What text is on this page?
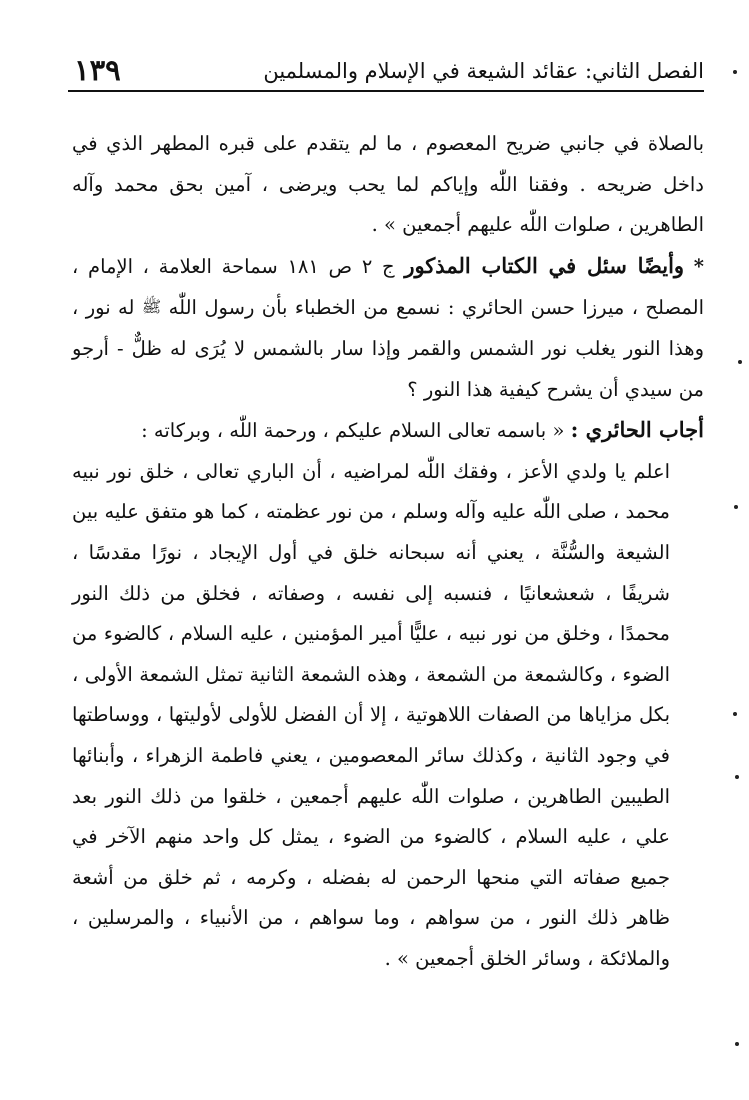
١٣٩	الفصل الثاني: عقائد الشيعة في الإسلام والمسلمين

بالصلاة في جانبي ضريح المعصوم ، ما لم يتقدم على قبره المطهر الذي في داخل ضريحه . وفقنا اللّٰه وإياكم لما يحب ويرضى ، آمين بحق محمد وآله الطاهرين ، صلوات اللّٰه عليهم أجمعين » .

* وأيضًا سئل في الكتاب المذكور ج ٢ ص ١٨١ سماحة العلامة ، الإمام ، المصلح ، ميرزا حسن الحائري : نسمع من الخطباء بأن رسول اللّٰه ﷺ له نور ، وهذا النور يغلب نور الشمس والقمر وإذا سار بالشمس لا يُرَى له ظلٌّ - أرجو من سيدي أن يشرح كيفية هذا النور ؟

أجاب الحائري : « باسمه تعالى السلام عليكم ، ورحمة اللّٰه ، وبركاته :

اعلم يا ولدي الأعز ، وفقك اللّٰه لمراضيه ، أن الباري تعالى ، خلق نور نبيه محمد ، صلى اللّٰه عليه وآله وسلم ، من نور عظمته ، كما هو متفق عليه بين الشيعة والسُّنَّة ، يعني أنه سبحانه خلق في أول الإيجاد ، نورًا مقدسًا ، شريفًا ، شعشعانيًا ، فنسبه إلى نفسه ، وصفاته ، فخلق من ذلك النور محمدًا ، وخلق من نور نبيه ، عليًّا أمير المؤمنين ، عليه السلام ، كالضوء من الضوء ، وكالشمعة من الشمعة ، وهذه الشمعة الثانية تمثل الشمعة الأولى ، بكل مزاياها من الصفات اللاهوتية ، إلا أن الفضل للأولى لأوليتها ، ووساطتها في وجود الثانية ، وكذلك سائر المعصومين ، يعني فاطمة الزهراء ، وأبنائها الطيبين الطاهرين ، صلوات اللّٰه عليهم أجمعين ، خلقوا من ذلك النور بعد علي ، عليه السلام ، كالضوء من الضوء ، يمثل كل واحد منهم الآخر في جميع صفاته التي منحها الرحمن له بفضله ، وكرمه ، ثم خلق من أشعة ظاهر ذلك النور ، من سواهم ، وما سواهم ، من الأنبياء ، والمرسلين ، والملائكة ، وسائر الخلق أجمعين » .
